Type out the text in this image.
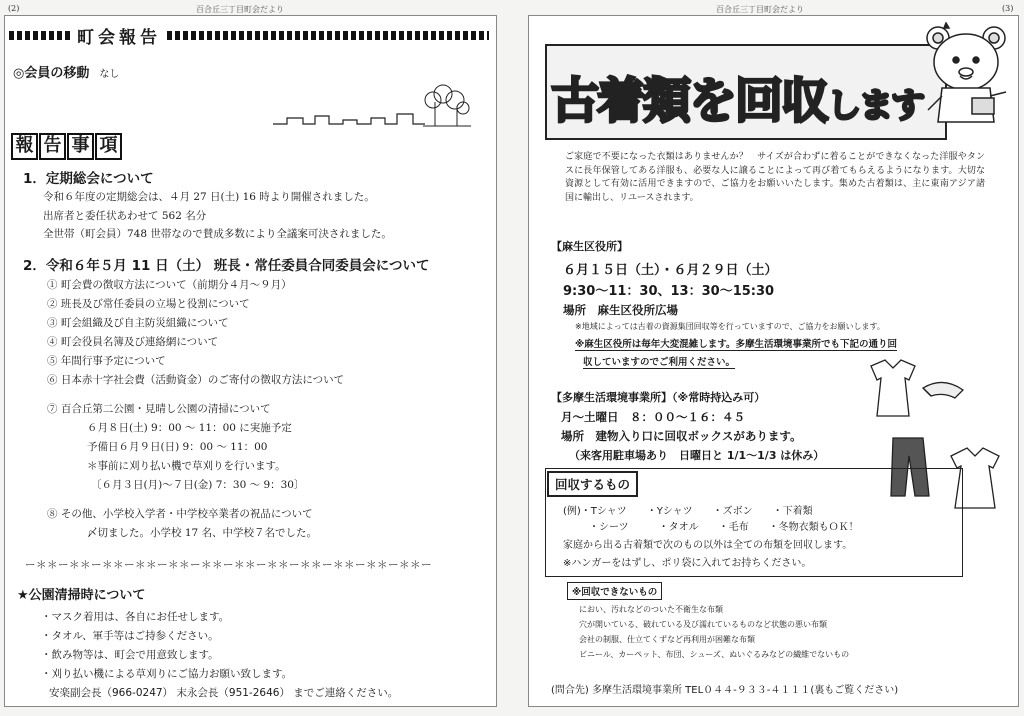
(2)	百合丘三丁目町会だより	百合丘三丁目町会だより	(3)
町会報告
◎会員の移動 なし
報 告 事 項
1．定期総会について
令和６年度の定期総会は、４月 27 日(土) 16 時より開催されました。
出席者と委任状あわせて 562 名分
全世帯（町会員）748 世帯なので賛成多数により全議案可決されました。
2．令和６年５月 11 日（土） 班長・常任委員合同委員会について
① 町会費の徴収方法について（前期分４月～９月）
② 班長及び常任委員の立場と役割について
③ 町会組織及び自主防災組織について
④ 町会役員名簿及び連絡網について
⑤ 年間行事予定について
⑥ 日本赤十字社会費（活動資金）のご寄付の徴収方法について
⑦ 百合丘第二公園・見晴し公園の清掃について
６月８日(土) 9：00 ～ 11：00 に実施予定
予備日６月９日(日) 9：00 ～ 11：00
＊事前に刈り払い機で草刈りを行います。
〔６月３日(月)～７日(金) 7：30 ～ 9：30〕
⑧ その他、小学校入学者・中学校卒業者の祝品について
〆切ました。小学校 17 名、中学校７名でした。
ー＊＊ー＊＊ー＊＊ー＊＊ー＊＊ー＊＊ー＊＊ー＊＊ー＊＊ー＊＊ー＊＊ー＊＊ー
★公園清掃時について
・マスク着用は、各自にお任せします。
・タオル、軍手等はご持参ください。
・飲み物等は、町会で用意致します。
・刈り払い機による草刈りにご協力お願い致します。
安楽副会長（966-0247） 末永会長（951-2646） までご連絡ください。
古着類を回収します
ご家庭で不要になった衣類はありませんか？　サイズが合わずに着ることができなくなった洋服やタンスに長年保管してある洋服も、必要な人に譲ることによって再び着てもらえるようになります。大切な資源として有効に活用できますので、ご協力をお願いいたします。集めた古着類は、主に東南アジア諸国に輸出し、リユースされます。
【麻生区役所】
６月１５日（土）・６月２９日（土）
9:30～11：30、13：30～15:30
場所　麻生区役所広場
※地域によっては古着の資源集団回収等を行っていますので、ご協力をお願いします。
※麻生区役所は毎年大変混雑します。多摩生活環境事業所でも下記の通り回
収していますのでご利用ください。
【多摩生活環境事業所】（※常時持込み可）
月～土曜日　８：００～１６：４５
場所　建物入り口に回収ボックスがあります。
（来客用駐車場あり　日曜日と 1/1～1/3 は休み）
回収するもの
(例)・Tシャツ　　・Yシャツ　　・ズボン　　・下着類
・シーツ　　　・タオル　　・毛布　　・冬物衣類もＯＫ！
家庭から出る古着類で次のもの以外は全ての布類を回収します。
※ハンガーをはずし、ポリ袋に入れてお持ちください。
※回収できないもの
におい、汚れなどのついた不衛生な布類
穴が開いている、破れている及び濡れているものなど状態の悪い布類
会社の制服、仕立てくずなど再利用が困難な布類
ビニール、カーペット、布団、シューズ、ぬいぐるみなどの繊維でないもの
(問合先) 多摩生活環境事業所 TEL０４４-９３３-４１１１(裏もご覧ください)
